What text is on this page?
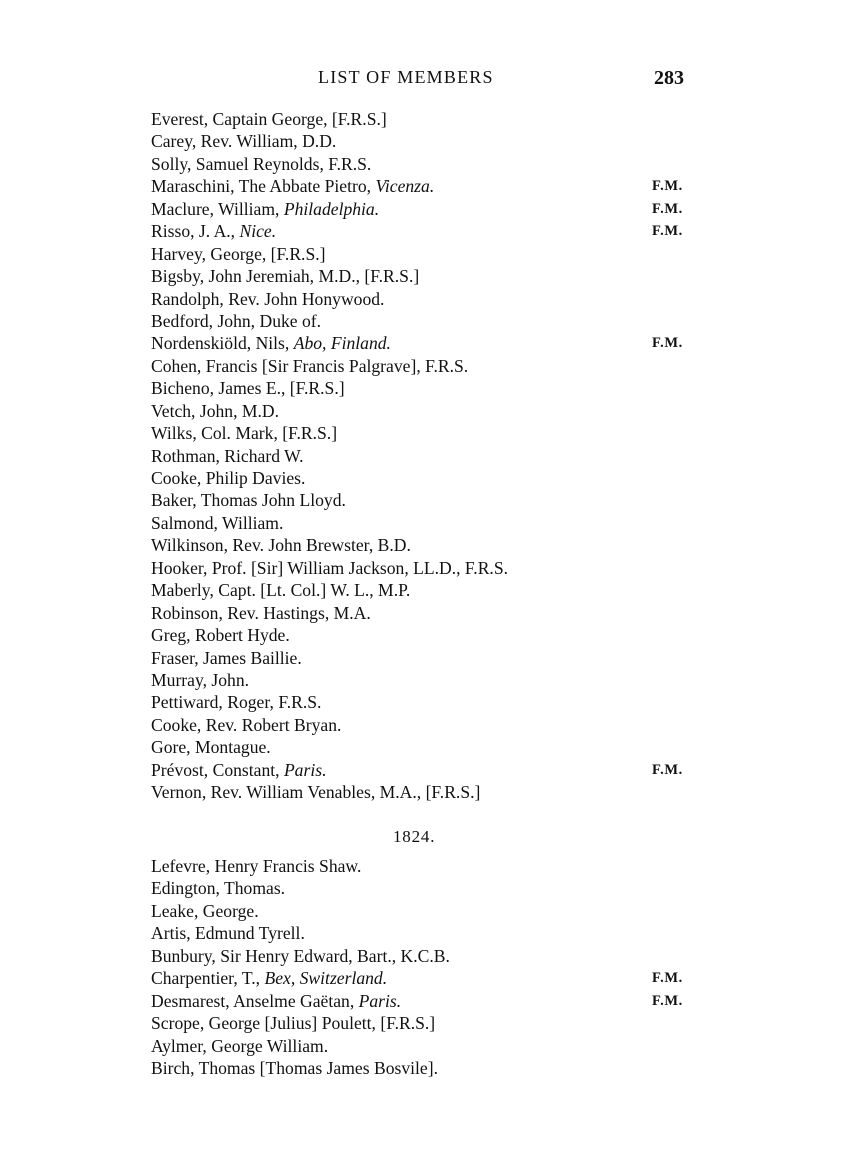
LIST OF MEMBERS	283
Everest, Captain George, [F.R.S.]
Carey, Rev. William, D.D.
Solly, Samuel Reynolds, F.R.S.
Maraschini, The Abbate Pietro, Vicenza.	F.M.
Maclure, William, Philadelphia.	F.M.
Risso, J. A., Nice.	F.M.
Harvey, George, [F.R.S.]
Bigsby, John Jeremiah, M.D., [F.R.S.]
Randolph, Rev. John Honywood.
Bedford, John, Duke of.
Nordenskiöld, Nils, Abo, Finland.	F.M.
Cohen, Francis [Sir Francis Palgrave], F.R.S.
Bicheno, James E., [F.R.S.]
Vetch, John, M.D.
Wilks, Col. Mark, [F.R.S.]
Rothman, Richard W.
Cooke, Philip Davies.
Baker, Thomas John Lloyd.
Salmond, William.
Wilkinson, Rev. John Brewster, B.D.
Hooker, Prof. [Sir] William Jackson, LL.D., F.R.S.
Maberly, Capt. [Lt. Col.] W. L., M.P.
Robinson, Rev. Hastings, M.A.
Greg, Robert Hyde.
Fraser, James Baillie.
Murray, John.
Pettiward, Roger, F.R.S.
Cooke, Rev. Robert Bryan.
Gore, Montague.
Prévost, Constant, Paris.	F.M.
Vernon, Rev. William Venables, M.A., [F.R.S.]
1824.
Lefevre, Henry Francis Shaw.
Edington, Thomas.
Leake, George.
Artis, Edmund Tyrell.
Bunbury, Sir Henry Edward, Bart., K.C.B.
Charpentier, T., Bex, Switzerland.	F.M.
Desmarest, Anselme Gaëtan, Paris.	F.M.
Scrope, George [Julius] Poulett, [F.R.S.]
Aylmer, George William.
Birch, Thomas [Thomas James Bosvile].
